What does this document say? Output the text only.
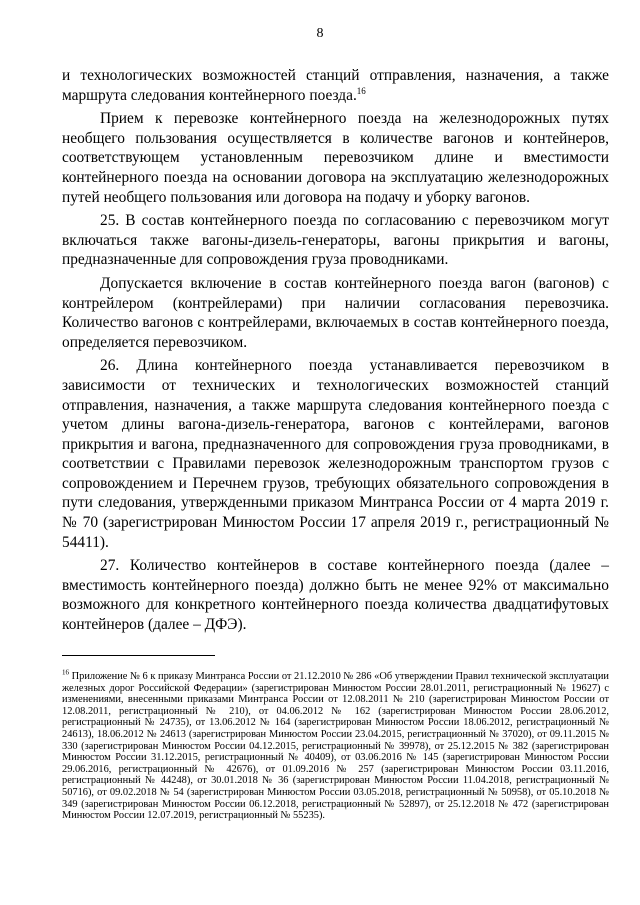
8

и технологических возможностей станций отправления, назначения, а также маршрута следования контейнерного поезда.$^{16}$

Прием к перевозке контейнерного поезда на железнодорожных путях необщего пользования осуществляется в количестве вагонов и контейнеров, соответствующем установленным перевозчиком длине и вместимости контейнерного поезда на основании договора на эксплуатацию железнодорожных путей необщего пользования или договора на подачу и уборку вагонов.

25. В состав контейнерного поезда по согласованию с перевозчиком могут включаться также вагоны-дизель-генераторы, вагоны прикрытия и вагоны, предназначенные для сопровождения груза проводниками.

Допускается включение в состав контейнерного поезда вагон (вагонов) с контрейлером (контрейлерами) при наличии согласования перевозчика. Количество вагонов с контрейлерами, включаемых в состав контейнерного поезда, определяется перевозчиком.

26. Длина контейнерного поезда устанавливается перевозчиком в зависимости от технических и технологических возможностей станций отправления, назначения, а также маршрута следования контейнерного поезда с учетом длины вагона-дизель-генератора, вагонов с контейлерами, вагонов прикрытия и вагона, предназначенного для сопровождения груза проводниками, в соответствии с Правилами перевозок железнодорожным транспортом грузов с сопровождением и Перечнем грузов, требующих обязательного сопровождения в пути следования, утвержденными приказом Минтранса России от 4 марта 2019 г. № 70 (зарегистрирован Минюстом России 17 апреля 2019 г., регистрационный № 54411).

27. Количество контейнеров в составе контейнерного поезда (далее – вместимость контейнерного поезда) должно быть не менее 92% от максимально возможного для конкретного контейнерного поезда количества двадцатифутовых контейнеров (далее – ДФЭ).

$^{16}$ Приложение № 6 к приказу Минтранса России от 21.12.2010 № 286 «Об утверждении Правил технической эксплуатации железных дорог Российской Федерации» (зарегистрирован Минюстом России 28.01.2011, регистрационный № 19627) с изменениями, внесенными приказами Минтранса России от 12.08.2011 № 210 (зарегистрирован Минюстом России от 12.08.2011, регистрационный № 210), от 04.06.2012 № 162 (зарегистрирован Минюстом России 28.06.2012, регистрационный № 24735), от 13.06.2012 № 164 (зарегистрирован Минюстом России 18.06.2012, регистрационный № 24613), 18.06.2012 № 24613 (зарегистрирован Минюстом России 23.04.2015, регистрационный № 37020), от 09.11.2015 № 330 (зарегистрирован Минюстом России 04.12.2015, регистрационный № 39978), от 25.12.2015 № 382 (зарегистрирован Минюстом России 31.12.2015, регистрационный № 40409), от 03.06.2016 № 145 (зарегистрирован Минюстом России 29.06.2016, регистрационный № 42676), от 01.09.2016 № 257 (зарегистрирован Минюстом России 03.11.2016, регистрационный № 44248), от 30.01.2018 № 36 (зарегистрирован Минюстом России 11.04.2018, регистрационный № 50716), от 09.02.2018 № 54 (зарегистрирован Минюстом России 03.05.2018, регистрационный № 50958), от 05.10.2018 № 349 (зарегистрирован Минюстом России 06.12.2018, регистрационный № 52897), от 25.12.2018 № 472 (зарегистрирован Минюстом России 12.07.2019, регистрационный № 55235).
